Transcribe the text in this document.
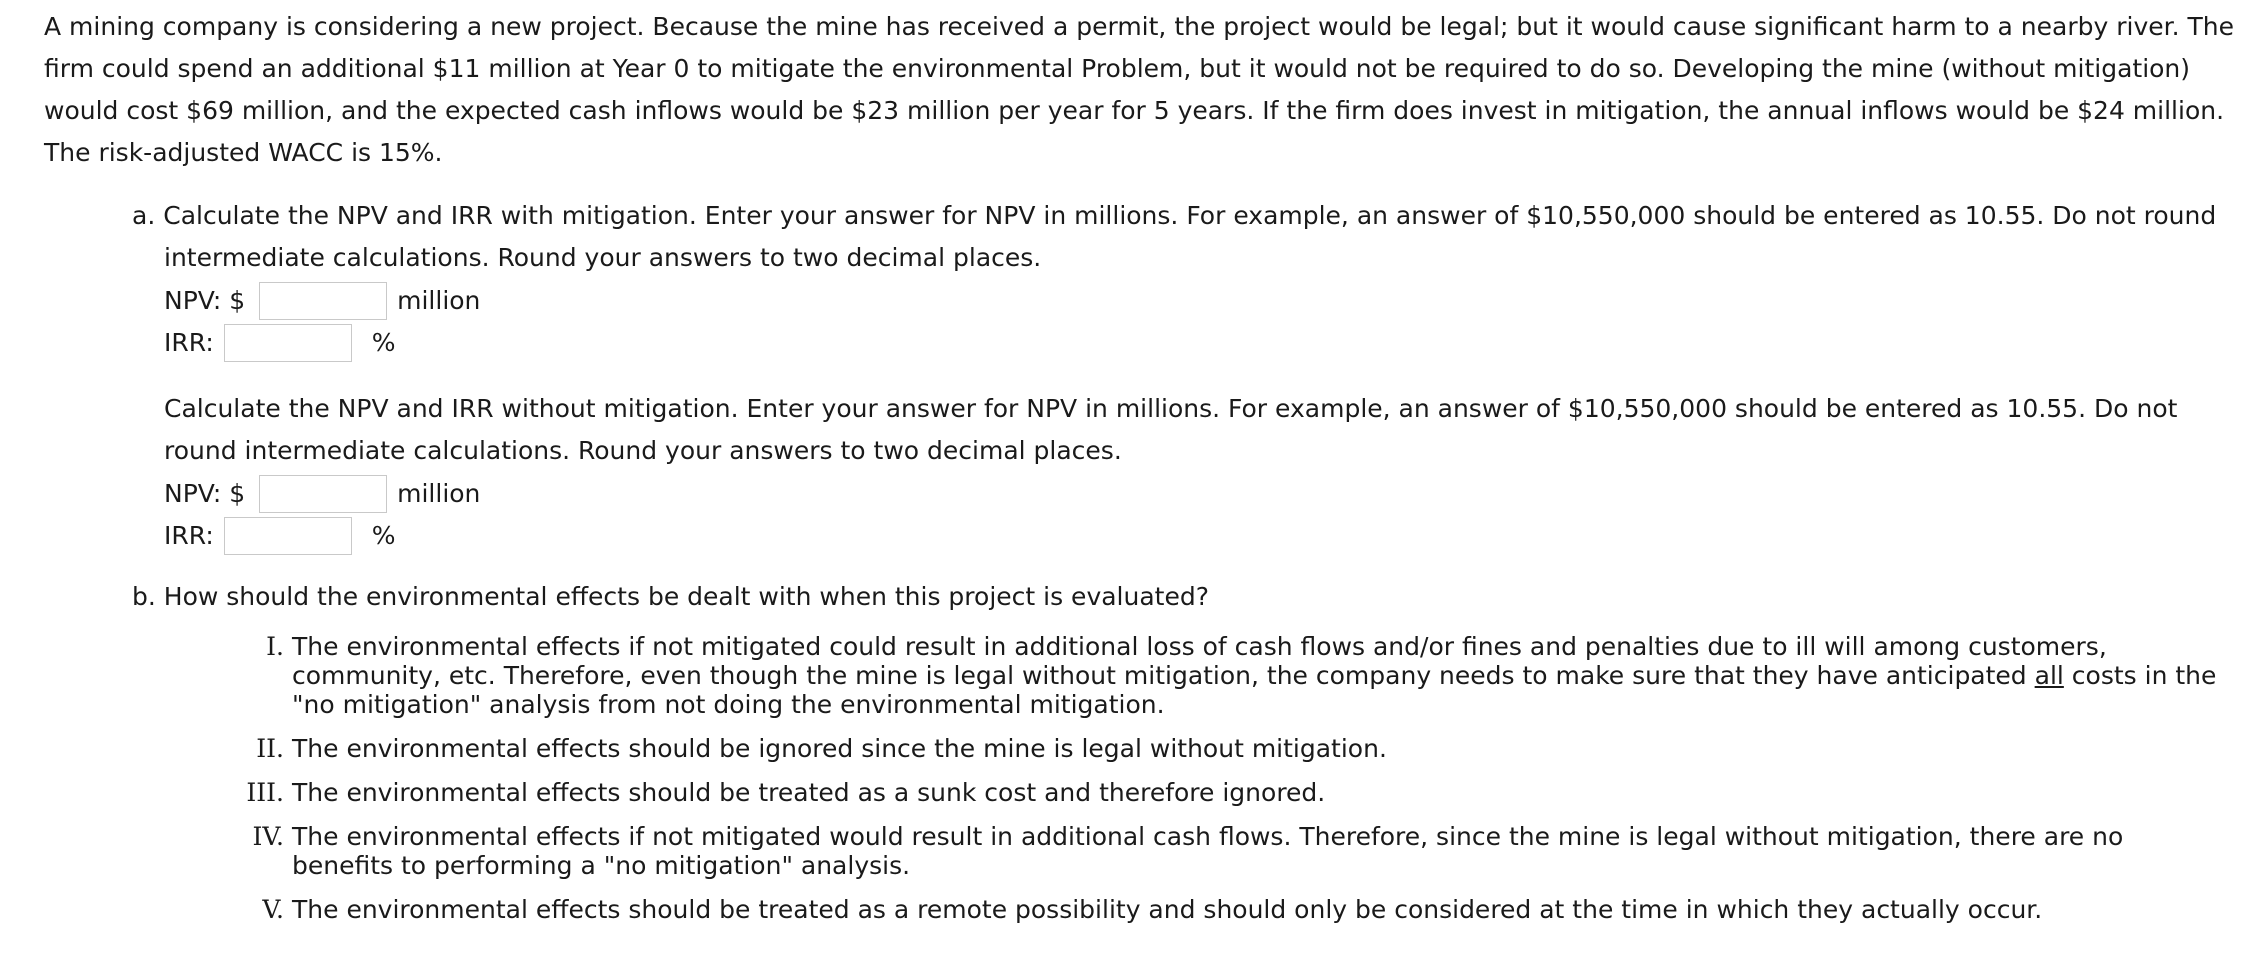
A mining company is considering a new project. Because the mine has received a permit, the project would be legal; but it would cause significant harm to a nearby river. The firm could spend an additional $11 million at Year 0 to mitigate the environmental Problem, but it would not be required to do so. Developing the mine (without mitigation) would cost $69 million, and the expected cash inflows would be $23 million per year for 5 years. If the firm does invest in mitigation, the annual inflows would be $24 million. The risk-adjusted WACC is 15%.

a. Calculate the NPV and IRR with mitigation. Enter your answer for NPV in millions. For example, an answer of $10,550,000 should be entered as 10.55. Do not round intermediate calculations. Round your answers to two decimal places.
NPV: $	million
IRR:	%
Calculate the NPV and IRR without mitigation. Enter your answer for NPV in millions. For example, an answer of $10,550,000 should be entered as 10.55. Do not round intermediate calculations. Round your answers to two decimal places.
NPV: $	million
IRR:	%
b. How should the environmental effects be dealt with when this project is evaluated?
I. The environmental effects if not mitigated could result in additional loss of cash flows and/or fines and penalties due to ill will among customers, community, etc. Therefore, even though the mine is legal without mitigation, the company needs to make sure that they have anticipated all costs in the "no mitigation" analysis from not doing the environmental mitigation.
II. The environmental effects should be ignored since the mine is legal without mitigation.
III. The environmental effects should be treated as a sunk cost and therefore ignored.
IV. The environmental effects if not mitigated would result in additional cash flows. Therefore, since the mine is legal without mitigation, there are no benefits to performing a "no mitigation" analysis.
V. The environmental effects should be treated as a remote possibility and should only be considered at the time in which they actually occur.
